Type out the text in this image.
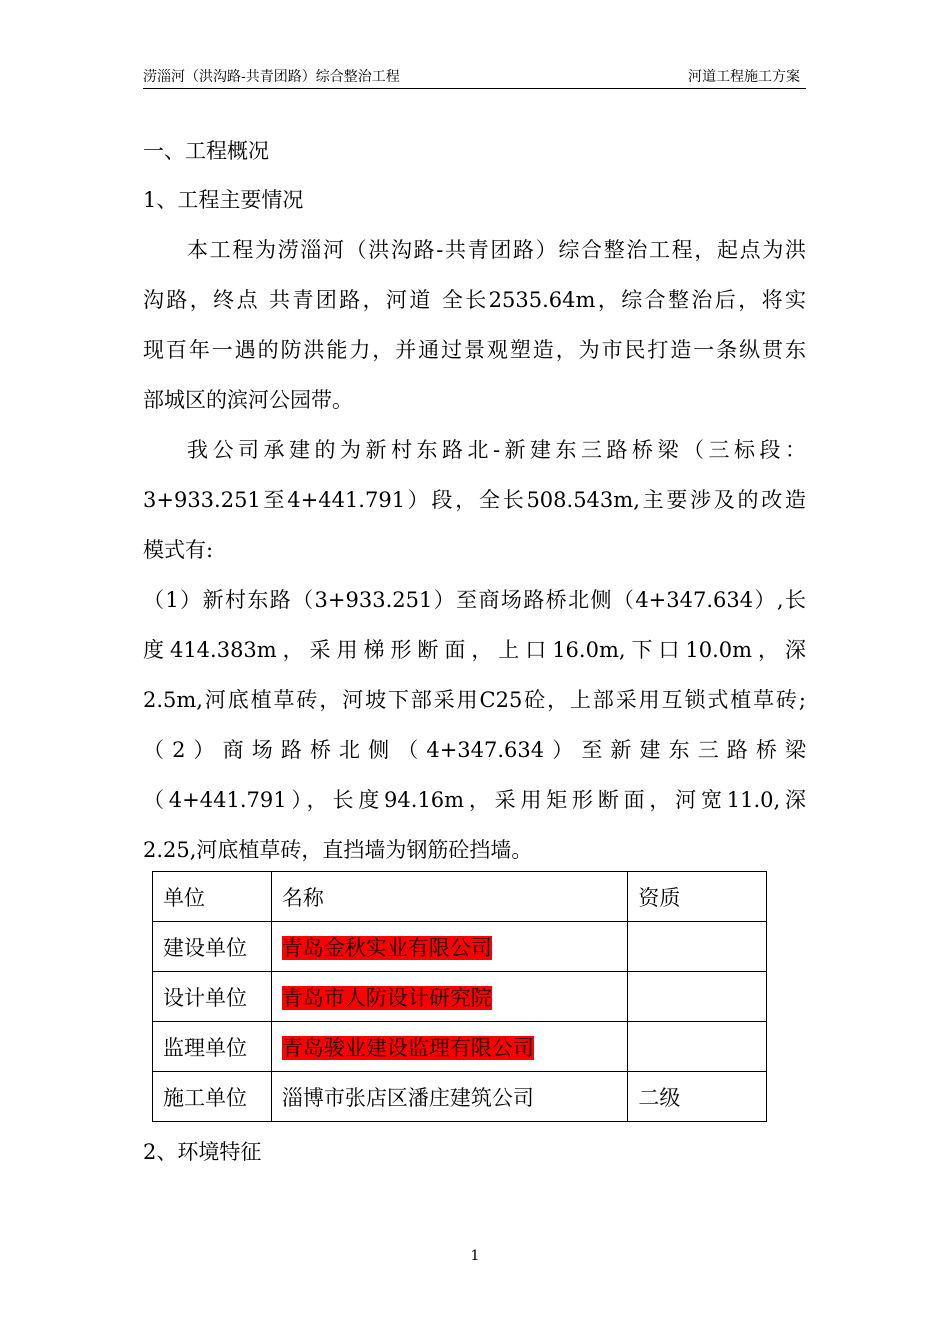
涝淄河（洪沟路-共青团路）综合整治工程	河道工程施工方案
一、工程概况
1、工程主要情况
本工程为涝淄河（洪沟路-共青团路）综合整治工程，起点为洪
沟路，终点 共青团路，河道 全长2535.64m，综合整治后，将实
现百年一遇的防洪能力，并通过景观塑造，为市民打造一条纵贯东
部城区的滨河公园带。
我公司承建的为新村东路北-新建东三路桥梁（三标段：
3+933.251至4+441.791）段，全长508.543m,主要涉及的改造
模式有:
（1）新村东路（3+933.251）至商场路桥北侧（4+347.634）,长
度414.383m，采用梯形断面，上口16.0m,下口10.0m，深
2.5m,河底植草砖，河坡下部采用C25砼，上部采用互锁式植草砖;
（2）商场路桥北侧（4+347.634）至新建东三路桥梁
（4+441.791），长度94.16m，采用矩形断面，河宽11.0,深
2.25,河底植草砖，直挡墙为钢筋砼挡墙。
单位	名称	资质
建设单位	青岛金秋实业有限公司	
设计单位	青岛市人防设计研究院	
监理单位	青岛骏业建设监理有限公司	
施工单位	淄博市张店区潘庄建筑公司	二级
2、环境特征
1
